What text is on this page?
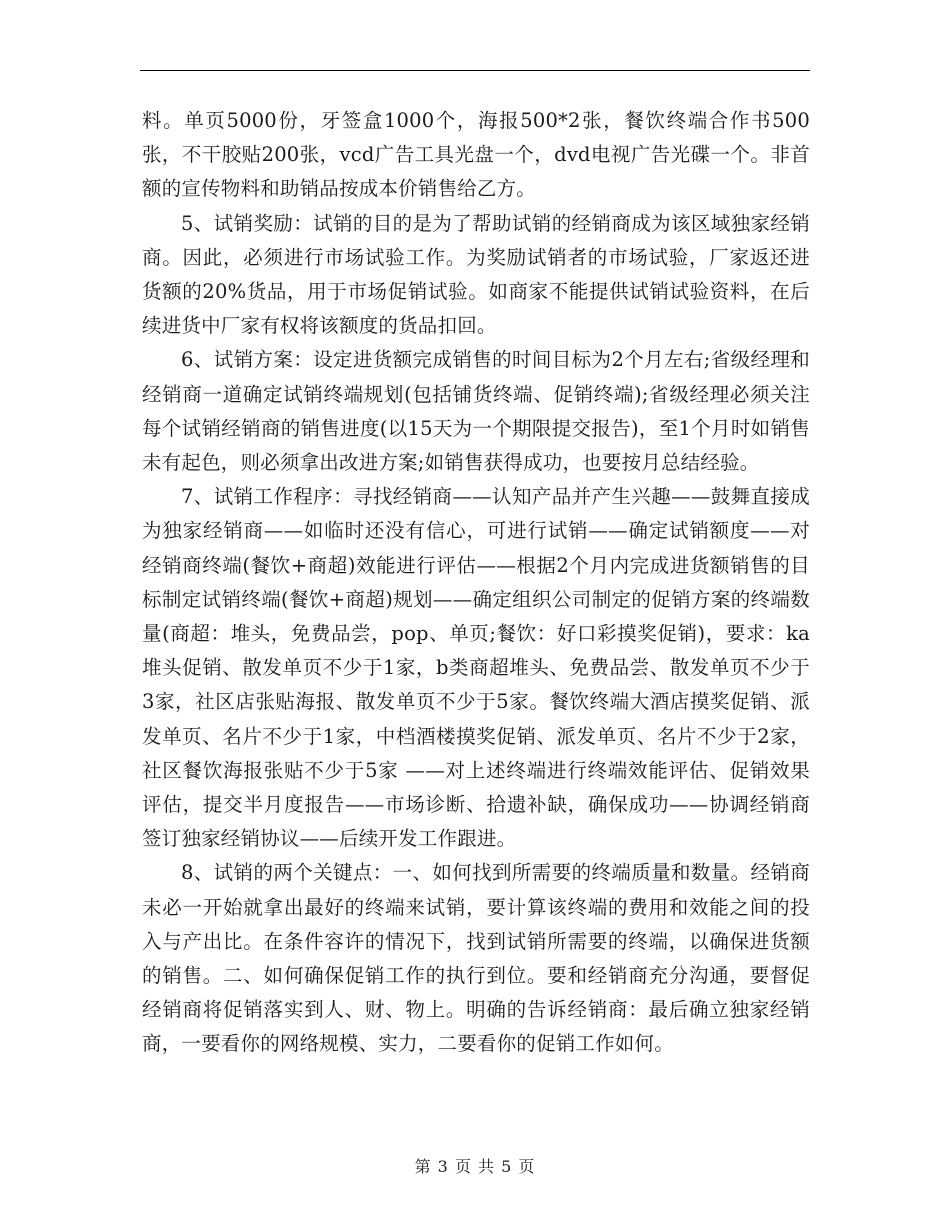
料。单页5000份，牙签盒1000个，海报500*2张，餐饮终端合作书500张，不干胶贴200张，vcd广告工具光盘一个，dvd电视广告光碟一个。非首额的宣传物料和助销品按成本价销售给乙方。

5、试销奖励：试销的目的是为了帮助试销的经销商成为该区域独家经销商。因此，必须进行市场试验工作。为奖励试销者的市场试验，厂家返还进货额的20%货品，用于市场促销试验。如商家不能提供试销试验资料，在后续进货中厂家有权将该额度的货品扣回。

6、试销方案：设定进货额完成销售的时间目标为2个月左右;省级经理和经销商一道确定试销终端规划(包括铺货终端、促销终端);省级经理必须关注每个试销经销商的销售进度(以15天为一个期限提交报告)，至1个月时如销售未有起色，则必须拿出改进方案;如销售获得成功，也要按月总结经验。

7、试销工作程序：寻找经销商——认知产品并产生兴趣——鼓舞直接成为独家经销商——如临时还没有信心，可进行试销——确定试销额度——对经销商终端(餐饮+商超)效能进行评估——根据2个月内完成进货额销售的目标制定试销终端(餐饮+商超)规划——确定组织公司制定的促销方案的终端数量(商超：堆头，免费品尝，pop、单页;餐饮：好口彩摸奖促销)，要求：ka堆头促销、散发单页不少于1家，b类商超堆头、免费品尝、散发单页不少于3家，社区店张贴海报、散发单页不少于5家。餐饮终端大酒店摸奖促销、派发单页、名片不少于1家，中档酒楼摸奖促销、派发单页、名片不少于2家，社区餐饮海报张贴不少于5家 ——对上述终端进行终端效能评估、促销效果评估，提交半月度报告——市场诊断、拾遗补缺，确保成功——协调经销商签订独家经销协议——后续开发工作跟进。

8、试销的两个关键点：一、如何找到所需要的终端质量和数量。经销商未必一开始就拿出最好的终端来试销，要计算该终端的费用和效能之间的投入与产出比。在条件容许的情况下，找到试销所需要的终端，以确保进货额的销售。二、如何确保促销工作的执行到位。要和经销商充分沟通，要督促经销商将促销落实到人、财、物上。明确的告诉经销商：最后确立独家经销商，一要看你的网络规模、实力，二要看你的促销工作如何。

第 3 页 共 5 页
